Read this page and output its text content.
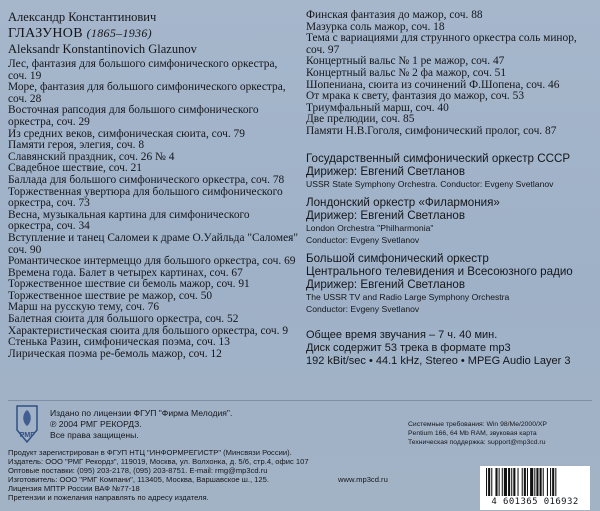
Александр Константинович
ГЛАЗУНОВ (1865–1936)
Aleksandr Konstantinovich Glazunov
Лес, фантазия для большого симфонического оркестра,
соч. 19
Море, фантазия для большого симфонического оркестра,
соч. 28
Восточная рапсодия для большого симфонического
оркестра, соч. 29
Из средних веков, симфоническая сюита, соч. 79
Памяти героя, элегия, соч. 8
Славянский праздник, соч. 26 № 4
Свадебное шествие, соч. 21
Баллада для большого симфонического оркестра, соч. 78
Торжественная увертюра для большого симфонического
оркестра, соч. 73
Весна, музыкальная картина для симфонического
оркестра, соч. 34
Вступление и танец Саломеи к драме О.Уайльда "Саломея"
соч. 90
Романтическое интермеццо для большого оркестра, соч. 69
Времена года. Балет в четырех картинах, соч. 67
Торжественное шествие си бемоль мажор, соч. 91
Торжественное шествие ре мажор, соч. 50
Марш на русскую тему, соч. 76
Балетная сюита для большого оркестра, соч. 52
Характеристическая сюита для большого оркестра, соч. 9
Стенька Разин, симфоническая поэма, соч. 13
Лирическая поэма ре-бемоль мажор, соч. 12
Финская фантазия до мажор, соч. 88
Мазурка соль мажор, соч. 18
Тема с вариациями для струнного оркестра соль минор,
соч. 97
Концертный вальс № 1 ре мажор, соч. 47
Концертный вальс № 2 фа мажор, соч. 51
Шопениана, сюита из сочинений Ф.Шопена, соч. 46
От мрака к свету, фантазия до мажор, соч. 53
Триумфальный марш, соч. 40
Две прелюдии, соч. 85
Памяти Н.В.Гоголя, симфонический пролог, соч. 87
Государственный симфонический оркестр СССР
Дирижер: Евгений Светланов
USSR State Symphony Orchestra. Conductor: Evgeny Svetlanov
Лондонский оркестр «Филармония»
Дирижер: Евгений Светланов
London Orchestra "Philharmonia"
Conductor: Evgeny Svetlanov
Большой симфонический оркестр
Центрального телевидения и Всесоюзного радио
Дирижер: Евгений Светланов
The USSR TV and Radio Large Symphony Orchestra
Conductor: Evgeny Svetlanov
Общее время звучания – 7 ч. 40 мин.
Диск содержит 53 трека в формате mp3
192 kBit/sec • 44.1 kHz, Stereo • MPEG Audio Layer 3
РМГ
Издано по лицензии ФГУП "Фирма Мелодия".
℗ 2004 РМГ РЕКОРДЗ.
Все права защищены.
Системные требования: Win 98/Me/2000/XP
Pentium 166, 64 Mb RAM, звуковая карта
Техническая поддержка: support@mp3cd.ru
Продукт зарегистрирован в ФГУП НТЦ "ИНФОРМРЕГИСТР" (Минсвязи России).
Издатель: ООО "РМГ Рекордз", 119019, Москва, ул. Волхонка, д. 5/6, стр.4, офис 107
Оптовые поставки: (095) 203-2178, (095) 203-8751. E-mail: rmg@mp3cd.ru
Изготовитель: ООО "РМГ Компани", 113405, Москва, Варшавское ш., 125.
Лицензия МПТР России ВАФ №77-18
Претензии и пожелания направлять по адресу издателя.
www.mp3cd.ru
4 601365 016932
